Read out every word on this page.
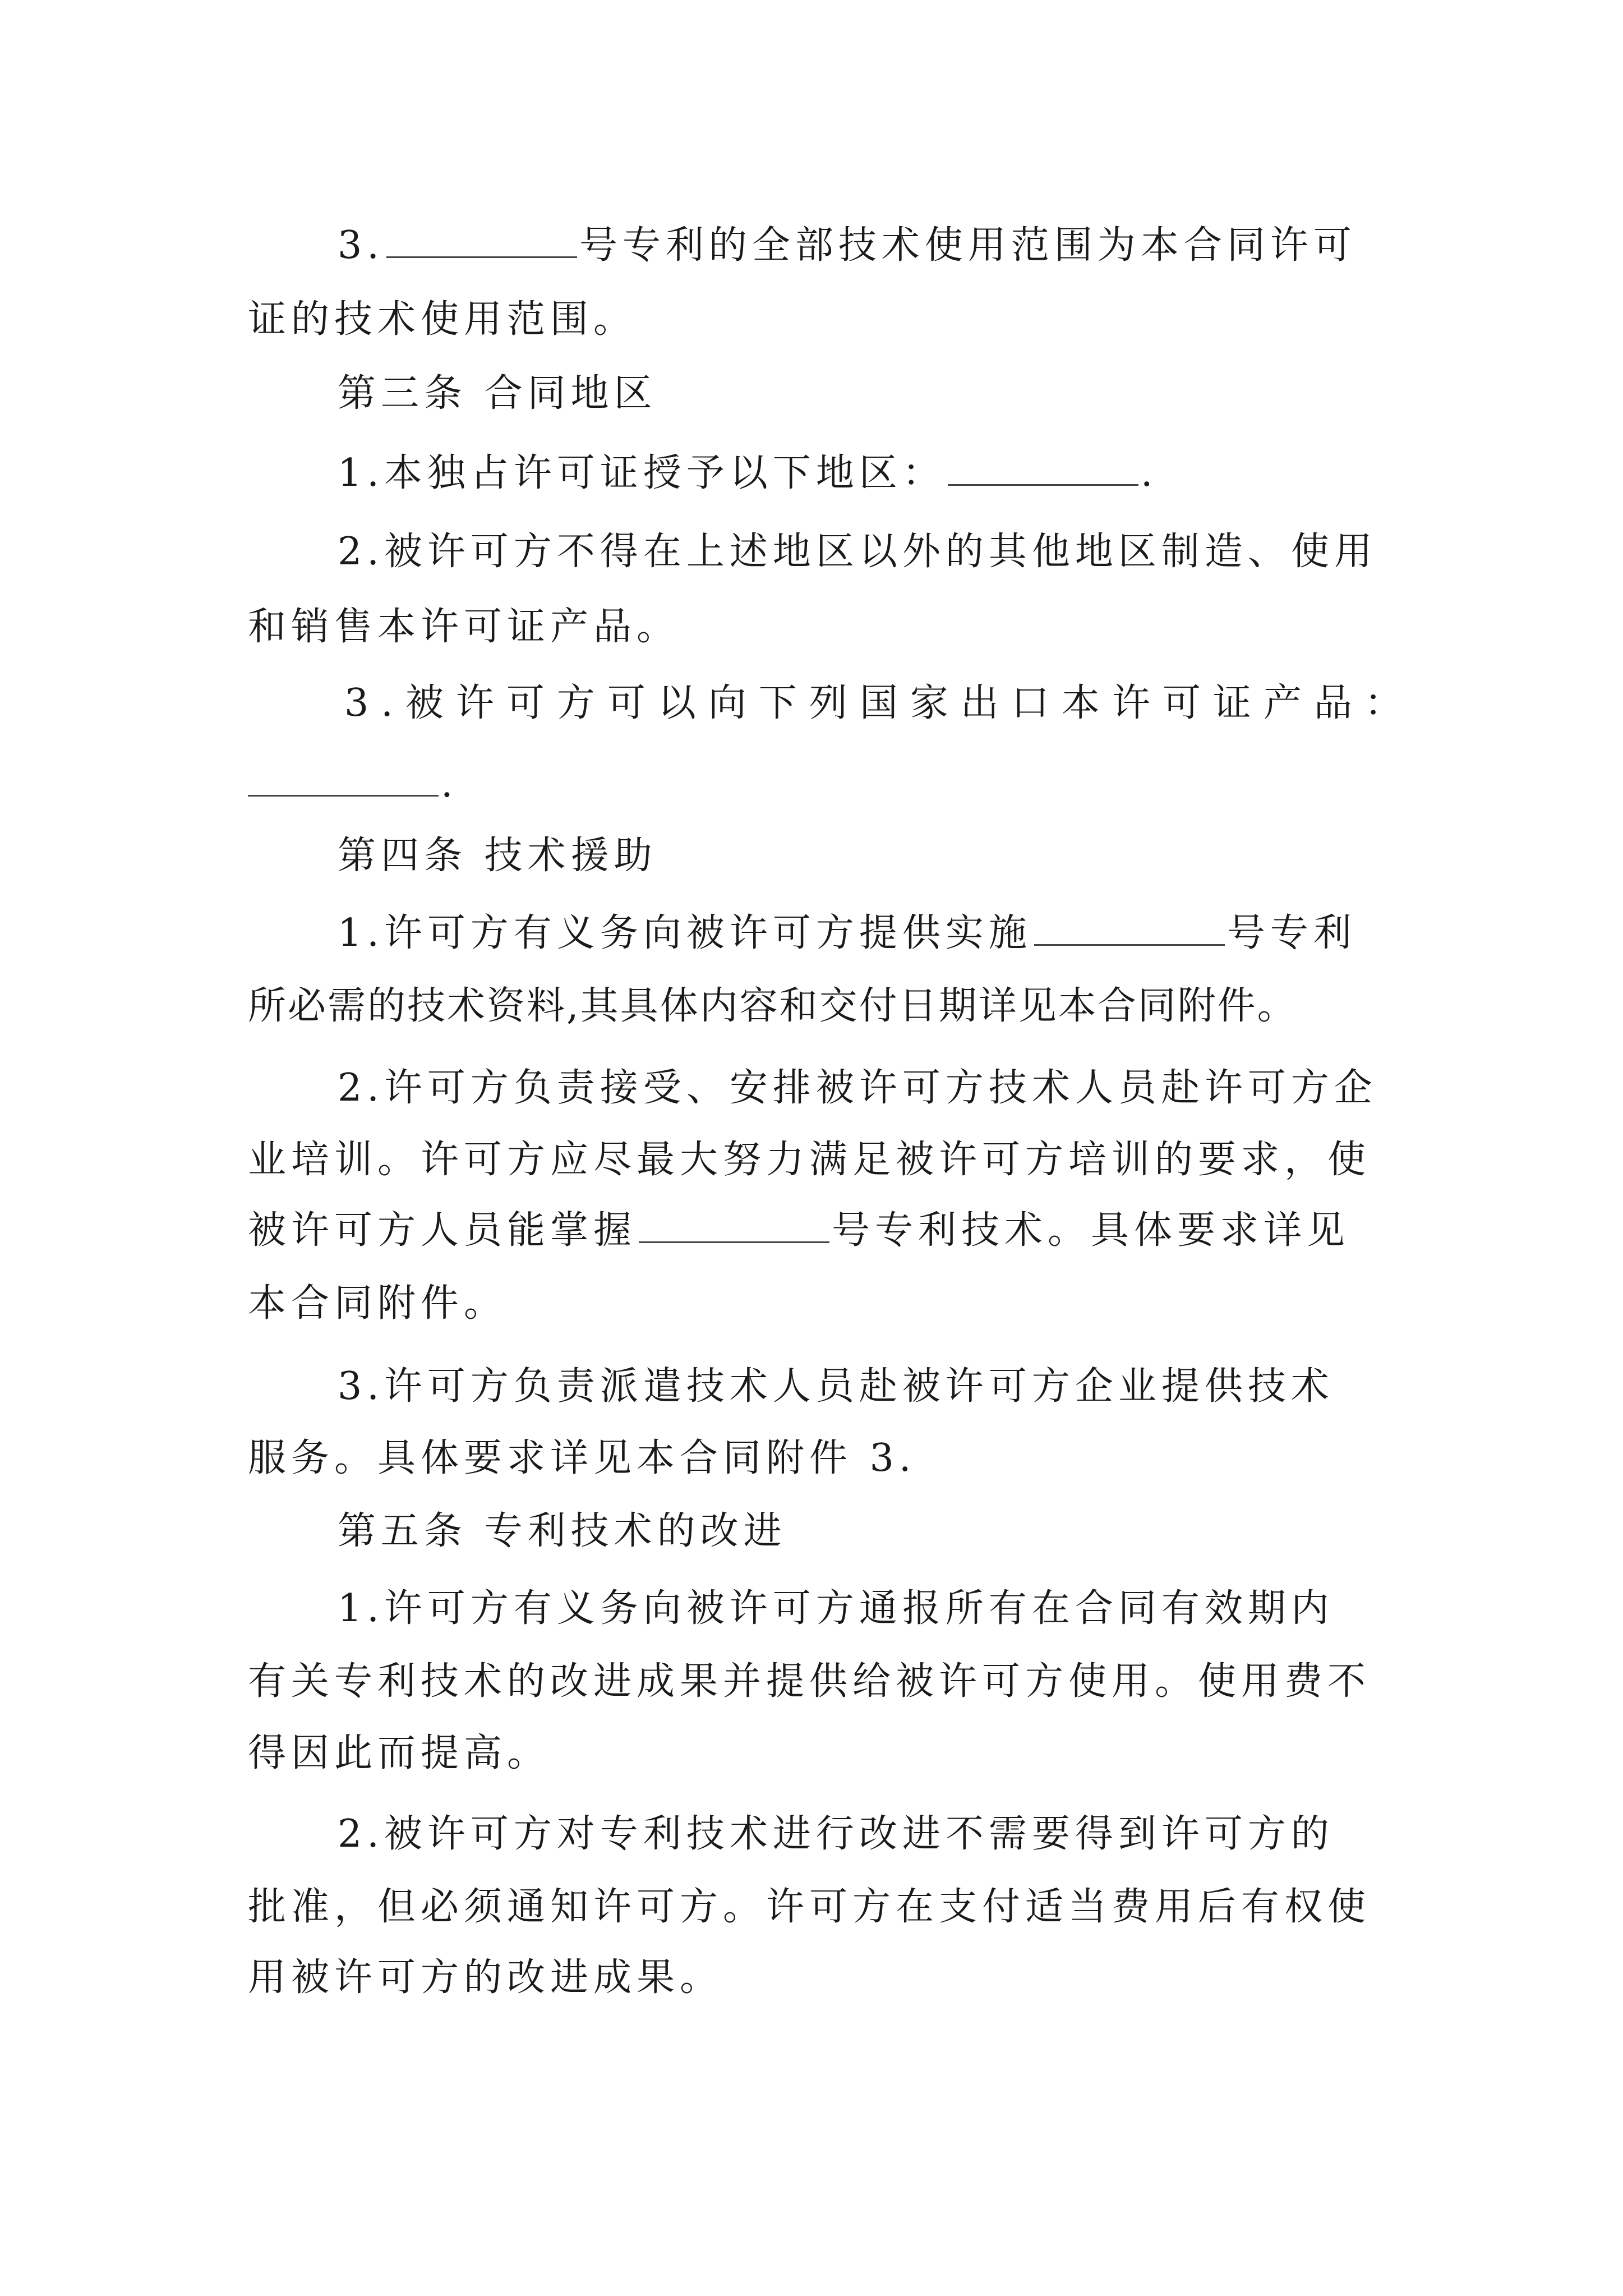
3.	号专利的全部技术使用范围为本合同许可
证的技术使用范围。
第三条 合同地区
1.本独占许可证授予以下地区：	.
2.被许可方不得在上述地区以外的其他地区制造、使用
和销售本许可证产品。
3.被许可方可以向下列国家出口本许可证产品：
.
第四条 技术援助
1.许可方有义务向被许可方提供实施	号专利
所必需的技术资料,其具体内容和交付日期详见本合同附件。
2.许可方负责接受、安排被许可方技术人员赴许可方企
业培训。许可方应尽最大努力满足被许可方培训的要求，使
被许可方人员能掌握	号专利技术。具体要求详见
本合同附件。
3.许可方负责派遣技术人员赴被许可方企业提供技术
服务。具体要求详见本合同附件 3.
第五条 专利技术的改进
1.许可方有义务向被许可方通报所有在合同有效期内
有关专利技术的改进成果并提供给被许可方使用。使用费不
得因此而提高。
2.被许可方对专利技术进行改进不需要得到许可方的
批准，但必须通知许可方。许可方在支付适当费用后有权使
用被许可方的改进成果。
